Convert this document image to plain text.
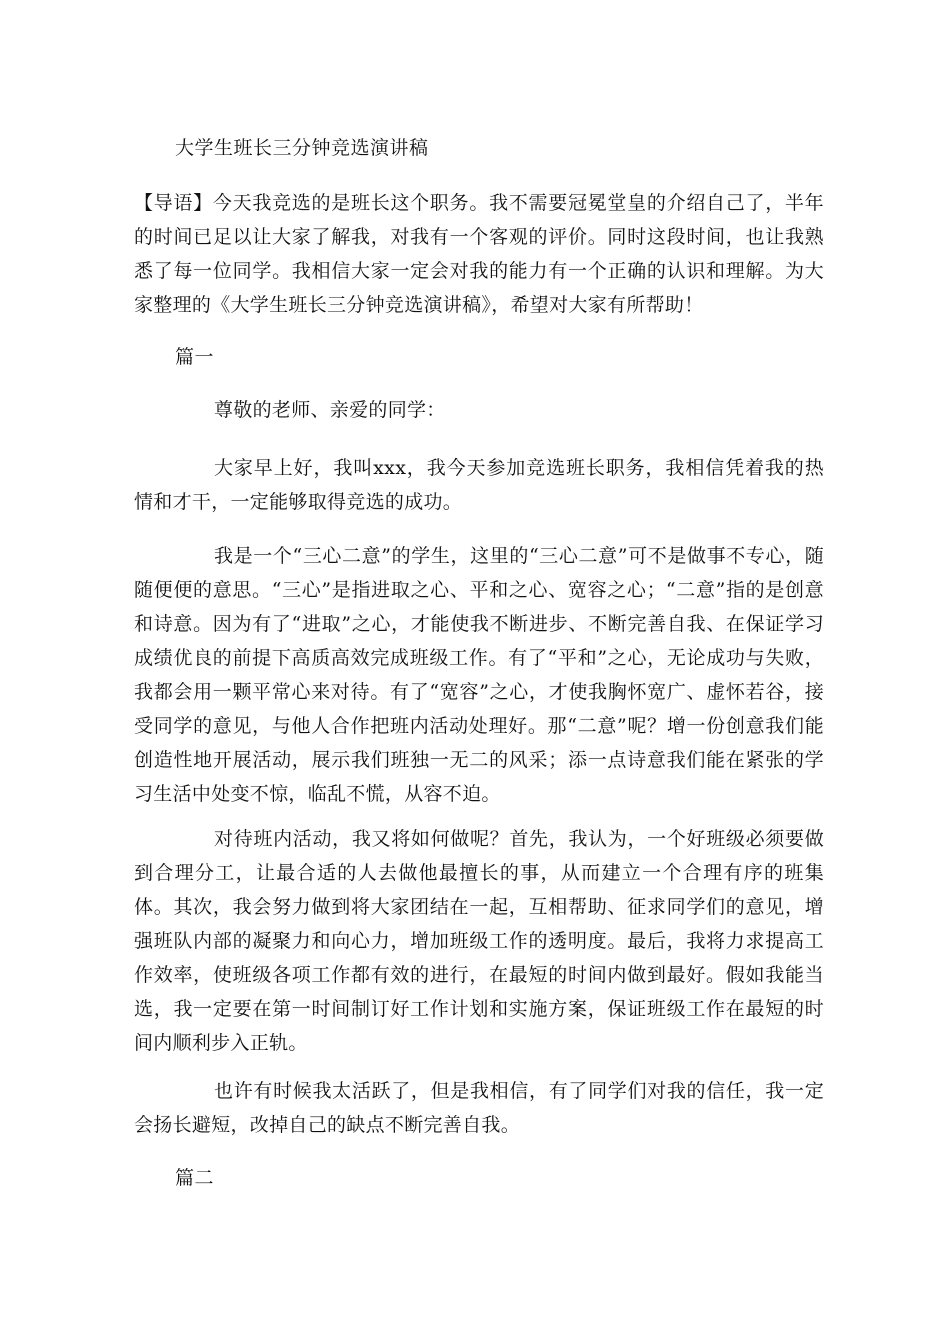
大学生班长三分钟竞选演讲稿
【导语】今天我竞选的是班长这个职务。我不需要冠冕堂皇的介绍自己了，半年的时间已足以让大家了解我，对我有一个客观的评价。同时这段时间，也让我熟悉了每一位同学。我相信大家一定会对我的能力有一个正确的认识和理解。为大家整理的《大学生班长三分钟竞选演讲稿》，希望对大家有所帮助！
篇一
尊敬的老师、亲爱的同学：
大家早上好，我叫xxx，我今天参加竞选班长职务，我相信凭着我的热情和才干，一定能够取得竞选的成功。
我是一个“三心二意”的学生，这里的“三心二意”可不是做事不专心，随随便便的意思。“三心”是指进取之心、平和之心、宽容之心；“二意”指的是创意和诗意。因为有了“进取”之心，才能使我不断进步、不断完善自我、在保证学习成绩优良的前提下高质高效完成班级工作。有了“平和”之心，无论成功与失败，我都会用一颗平常心来对待。有了“宽容”之心，才使我胸怀宽广、虚怀若谷，接受同学的意见，与他人合作把班内活动处理好。那“二意”呢？增一份创意我们能创造性地开展活动，展示我们班独一无二的风采；添一点诗意我们能在紧张的学习生活中处变不惊，临乱不慌，从容不迫。
对待班内活动，我又将如何做呢？首先，我认为，一个好班级必须要做到合理分工，让最合适的人去做他最擅长的事，从而建立一个合理有序的班集体。其次，我会努力做到将大家团结在一起，互相帮助、征求同学们的意见，增强班队内部的凝聚力和向心力，增加班级工作的透明度。最后，我将力求提高工作效率，使班级各项工作都有效的进行，在最短的时间内做到最好。假如我能当选，我一定要在第一时间制订好工作计划和实施方案，保证班级工作在最短的时间内顺利步入正轨。
也许有时候我太活跃了，但是我相信，有了同学们对我的信任，我一定会扬长避短，改掉自己的缺点不断完善自我。
篇二
